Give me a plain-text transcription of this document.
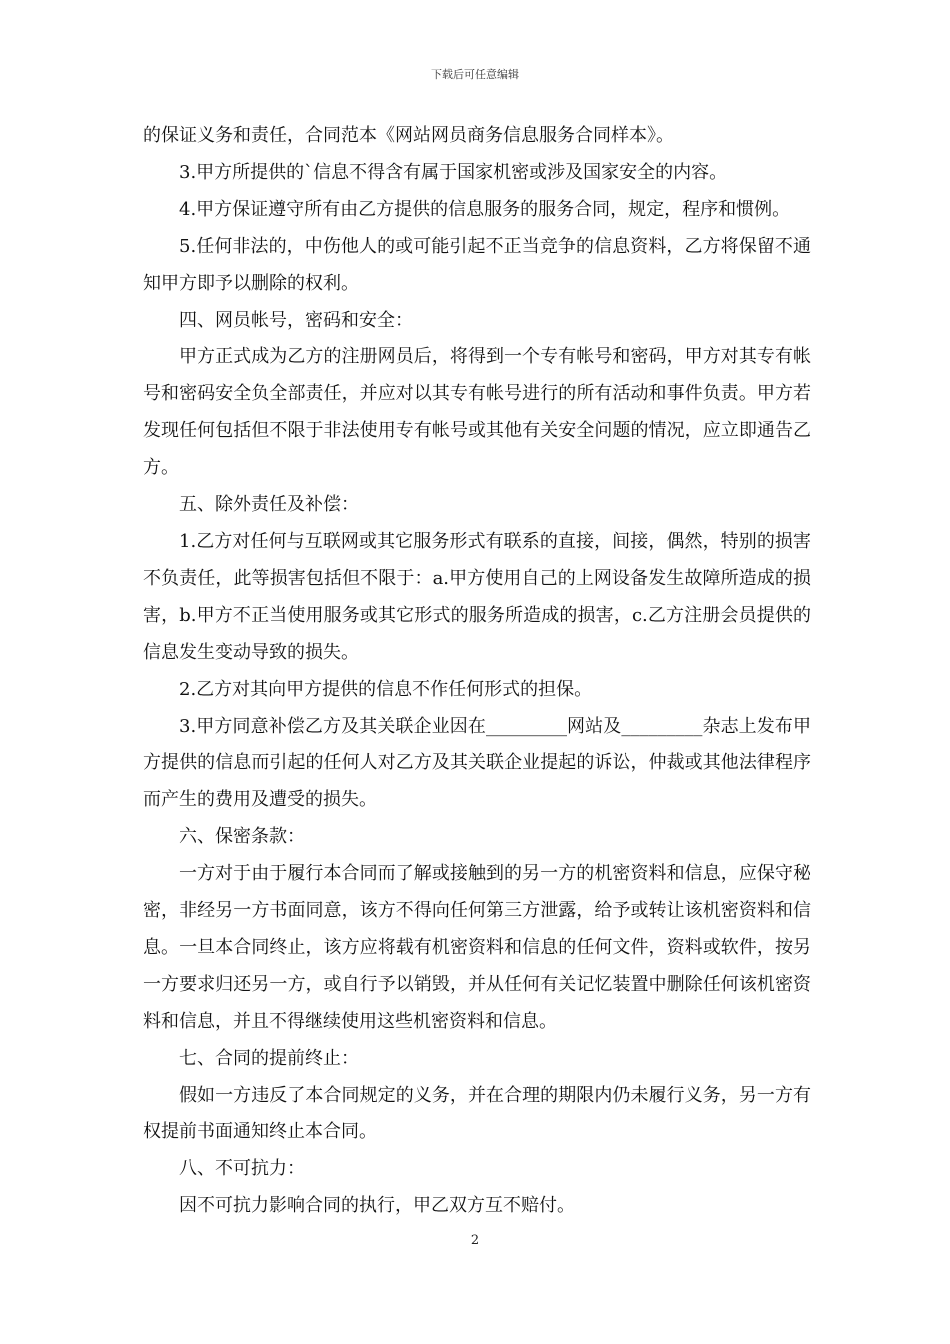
下载后可任意编辑

的保证义务和责任，合同范本《网站网员商务信息服务合同样本》。

3.甲方所提供的`信息不得含有属于国家机密或涉及国家安全的内容。

4.甲方保证遵守所有由乙方提供的信息服务的服务合同，规定，程序和惯例。

5.任何非法的，中伤他人的或可能引起不正当竞争的信息资料，乙方将保留不通知甲方即予以删除的权利。

四、网员帐号，密码和安全：

甲方正式成为乙方的注册网员后，将得到一个专有帐号和密码，甲方对其专有帐号和密码安全负全部责任，并应对以其专有帐号进行的所有活动和事件负责。甲方若发现任何包括但不限于非法使用专有帐号或其他有关安全问题的情况，应立即通告乙方。

五、除外责任及补偿：

1.乙方对任何与互联网或其它服务形式有联系的直接，间接，偶然，特别的损害不负责任，此等损害包括但不限于：a.甲方使用自己的上网设备发生故障所造成的损害，b.甲方不正当使用服务或其它形式的服务所造成的损害，c.乙方注册会员提供的信息发生变动导致的损失。

2.乙方对其向甲方提供的信息不作任何形式的担保。

3.甲方同意补偿乙方及其关联企业因在_________网站及_________杂志上发布甲方提供的信息而引起的任何人对乙方及其关联企业提起的诉讼，仲裁或其他法律程序而产生的费用及遭受的损失。

六、保密条款：

一方对于由于履行本合同而了解或接触到的另一方的机密资料和信息，应保守秘密，非经另一方书面同意，该方不得向任何第三方泄露，给予或转让该机密资料和信息。一旦本合同终止，该方应将载有机密资料和信息的任何文件，资料或软件，按另一方要求归还另一方，或自行予以销毁，并从任何有关记忆装置中删除任何该机密资料和信息，并且不得继续使用这些机密资料和信息。

七、合同的提前终止：

假如一方违反了本合同规定的义务，并在合理的期限内仍未履行义务，另一方有权提前书面通知终止本合同。

八、不可抗力：

因不可抗力影响合同的执行，甲乙双方互不赔付。

2
